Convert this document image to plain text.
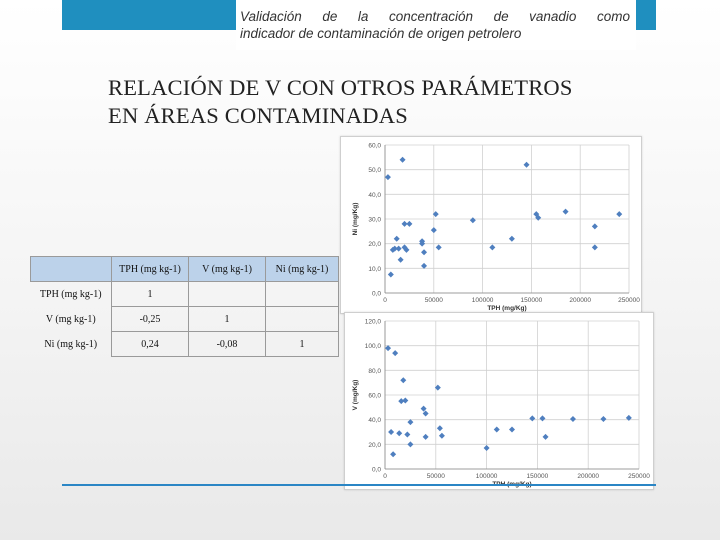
Validación de la concentración de vanadio como
indicador de contaminación de origen petrolero
RELACIÓN DE V CON OTROS PARÁMETROS
EN ÁREAS CONTAMINADAS
	TPH (mg kg-1)	V (mg kg-1)	Ni (mg kg-1)
TPH (mg kg-1)	1		
V (mg kg-1)	-0,25	1	
Ni (mg kg-1)	0,24	-0,08	1
0,0
10,0
20,0
30,0
40,0
50,0
60,0
0	50000	100000	150000	200000	250000
TPH (mg/Kg)
Ni (mg/Kg)
0,0
20,0
40,0
60,0
80,0
100,0
120,0
0	50000	100000	150000	200000	250000
V (mg/Kg)
